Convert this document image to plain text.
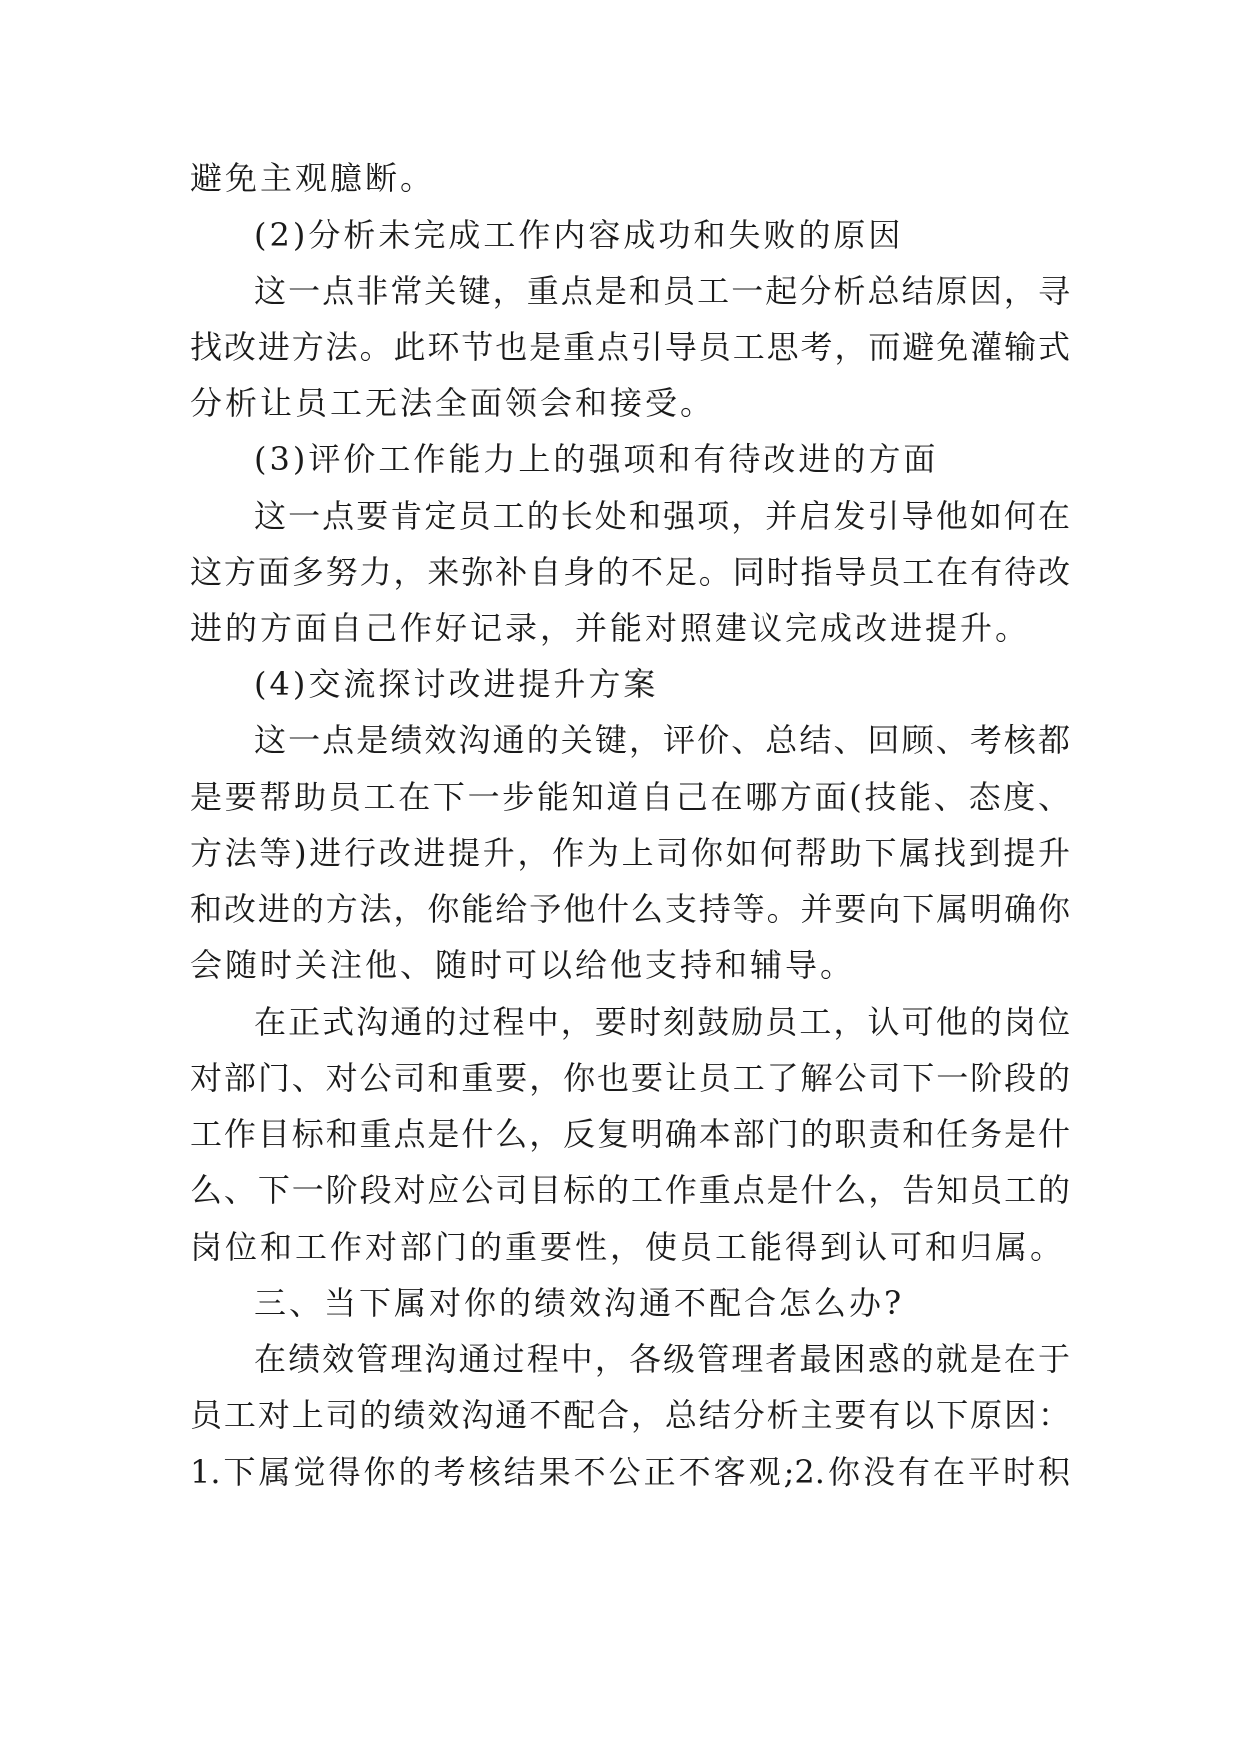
避免主观臆断。
(2)分析未完成工作内容成功和失败的原因
这一点非常关键，重点是和员工一起分析总结原因，寻
找改进方法。此环节也是重点引导员工思考，而避免灌输式
分析让员工无法全面领会和接受。
(3)评价工作能力上的强项和有待改进的方面
这一点要肯定员工的长处和强项，并启发引导他如何在
这方面多努力，来弥补自身的不足。同时指导员工在有待改
进的方面自己作好记录，并能对照建议完成改进提升。
(4)交流探讨改进提升方案
这一点是绩效沟通的关键，评价、总结、回顾、考核都
是要帮助员工在下一步能知道自己在哪方面(技能、态度、
方法等)进行改进提升，作为上司你如何帮助下属找到提升
和改进的方法，你能给予他什么支持等。并要向下属明确你
会随时关注他、随时可以给他支持和辅导。
在正式沟通的过程中，要时刻鼓励员工，认可他的岗位
对部门、对公司和重要，你也要让员工了解公司下一阶段的
工作目标和重点是什么，反复明确本部门的职责和任务是什
么、下一阶段对应公司目标的工作重点是什么，告知员工的
岗位和工作对部门的重要性，使员工能得到认可和归属。
三、当下属对你的绩效沟通不配合怎么办?
在绩效管理沟通过程中，各级管理者最困惑的就是在于
员工对上司的绩效沟通不配合，总结分析主要有以下原因：
1.下属觉得你的考核结果不公正不客观;2.你没有在平时积
